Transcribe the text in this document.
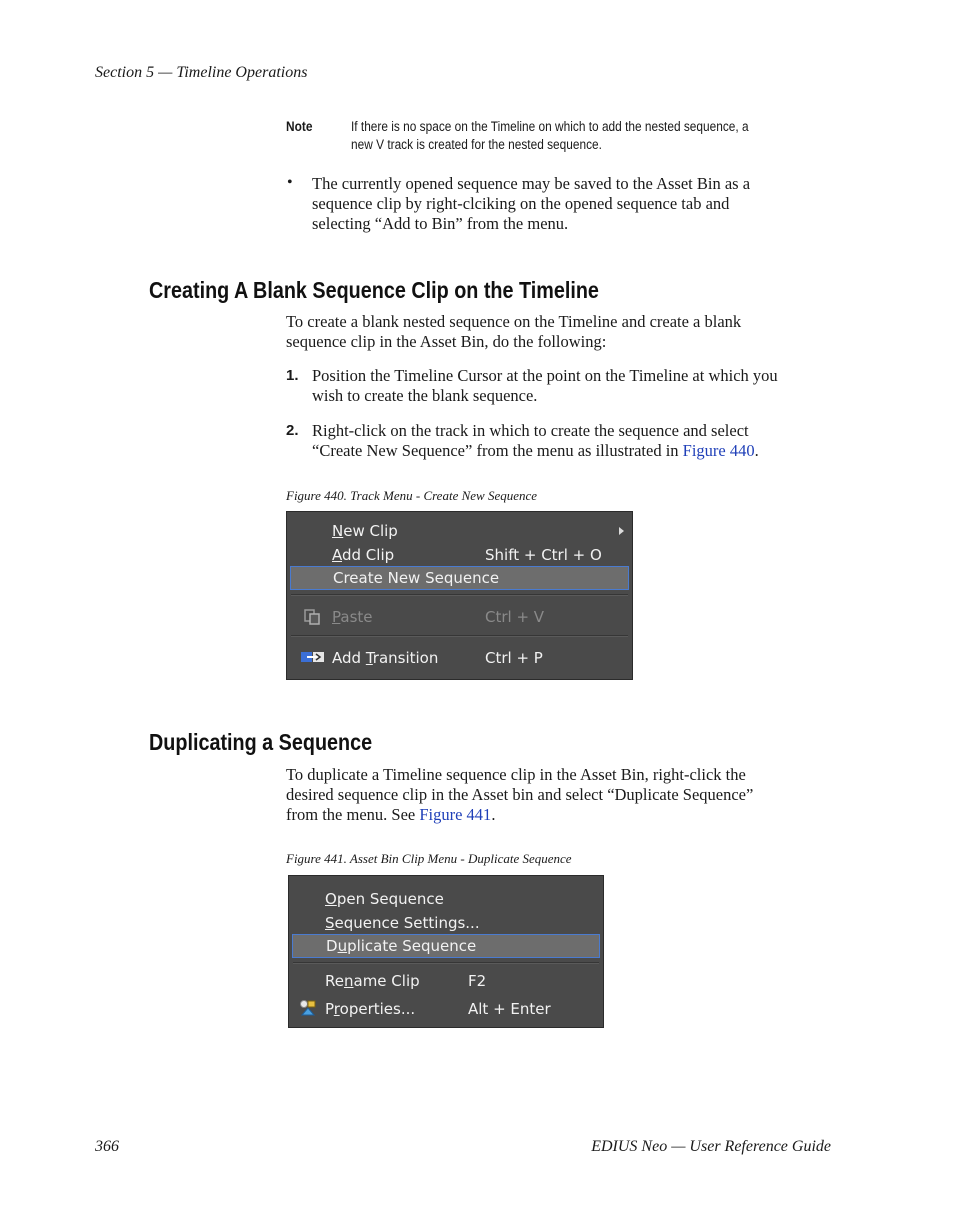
Section 5 — Timeline Operations
Note	If there is no space on the Timeline on which to add the nested sequence, a
new V track is created for the nested sequence.
• The currently opened sequence may be saved to the Asset Bin as a
sequence clip by right-clciking on the opened sequence tab and
selecting “Add to Bin” from the menu.
Creating A Blank Sequence Clip on the Timeline
To create a blank nested sequence on the Timeline and create a blank
sequence clip in the Asset Bin, do the following:
1. Position the Timeline Cursor at the point on the Timeline at which you
wish to create the blank sequence.
2. Right-click on the track in which to create the sequence and select
“Create New Sequence” from the menu as illustrated in Figure 440.
Figure 440. Track Menu - Create New Sequence
New Clip
Add Clip	Shift + Ctrl + O
Create New Sequence
Paste	Ctrl + V
Add Transition	Ctrl + P
Duplicating a Sequence
To duplicate a Timeline sequence clip in the Asset Bin, right-click the
desired sequence clip in the Asset bin and select “Duplicate Sequence”
from the menu. See Figure 441.
Figure 441. Asset Bin Clip Menu - Duplicate Sequence
Open Sequence
Sequence Settings...
Duplicate Sequence
Rename Clip	F2
Properties...	Alt + Enter
366	EDIUS Neo — User Reference Guide
